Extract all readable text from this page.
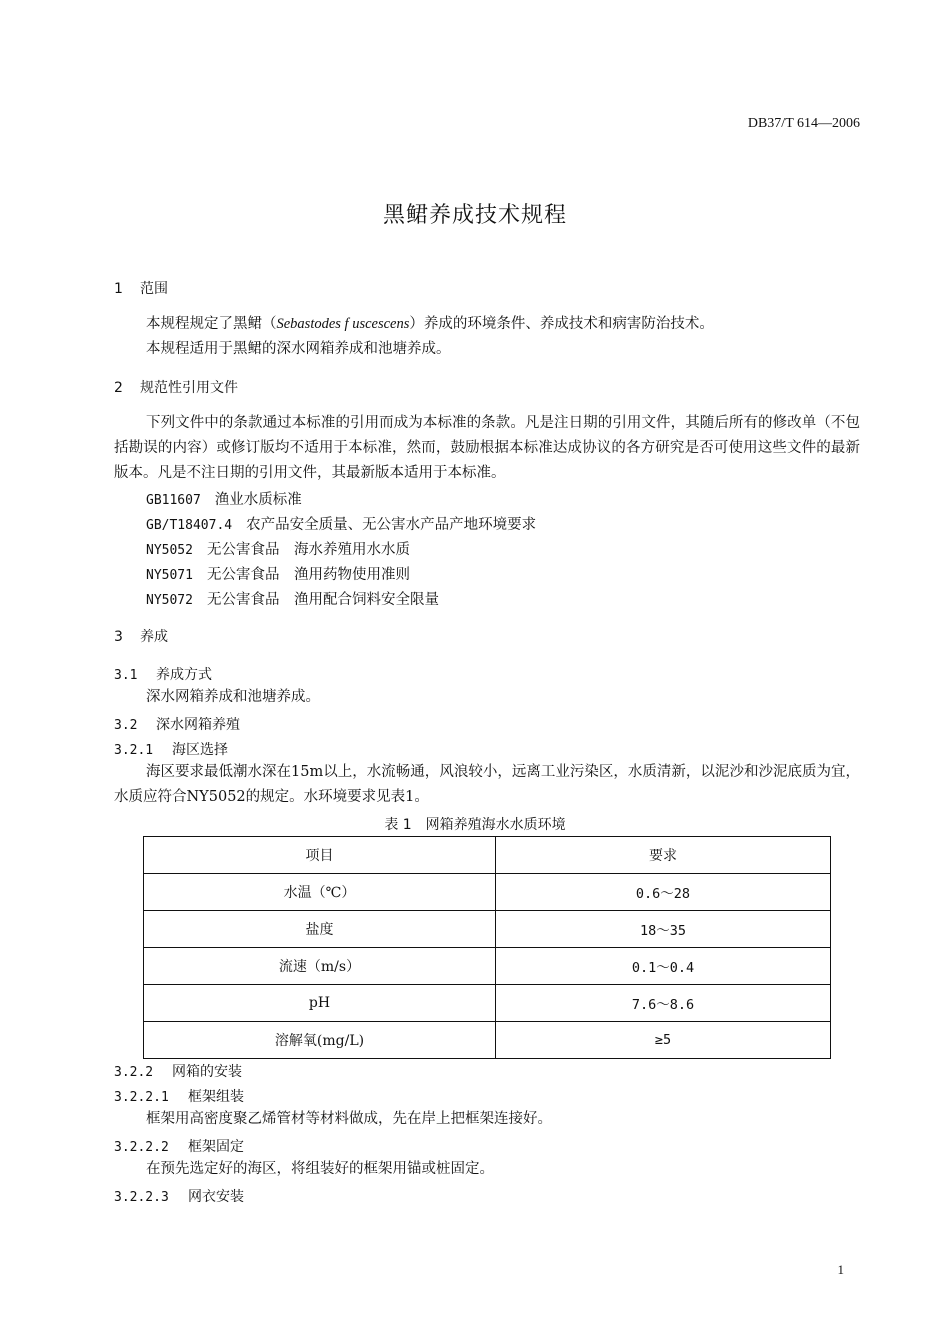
DB37/T 614—2006
黑鲪养成技术规程
1 范围
本规程规定了黑鲪（Sebastodes f uscescens）养成的环境条件、养成技术和病害防治技术。
本规程适用于黑鲪的深水网箱养成和池塘养成。
2 规范性引用文件
下列文件中的条款通过本标准的引用而成为本标准的条款。凡是注日期的引用文件，其随后所有的修改单（不包括勘误的内容）或修订版均不适用于本标准，然而，鼓励根据本标准达成协议的各方研究是否可使用这些文件的最新版本。凡是不注日期的引用文件，其最新版本适用于本标准。
GB11607 渔业水质标准
GB/T18407.4 农产品安全质量、无公害水产品产地环境要求
NY5052 无公害食品　海水养殖用水水质
NY5071 无公害食品　渔用药物使用准则
NY5072 无公害食品　渔用配合饲料安全限量
3 养成
3.1 养成方式
深水网箱养成和池塘养成。
3.2 深水网箱养殖
3.2.1 海区选择
海区要求最低潮水深在15m以上，水流畅通，风浪较小，远离工业污染区，水质清新，以泥沙和沙泥底质为宜，水质应符合NY5052的规定。水环境要求见表1。
表 1　网箱养殖海水水质环境
项目	要求
水温（℃）	0.6～28
盐度	18～35
流速（m/s）	0.1～0.4
pH	7.6～8.6
溶解氧(mg/L)	≥5
3.2.2 网箱的安装
3.2.2.1 框架组装
框架用高密度聚乙烯管材等材料做成，先在岸上把框架连接好。
3.2.2.2 框架固定
在预先选定好的海区，将组装好的框架用锚或桩固定。
3.2.2.3 网衣安装
1
